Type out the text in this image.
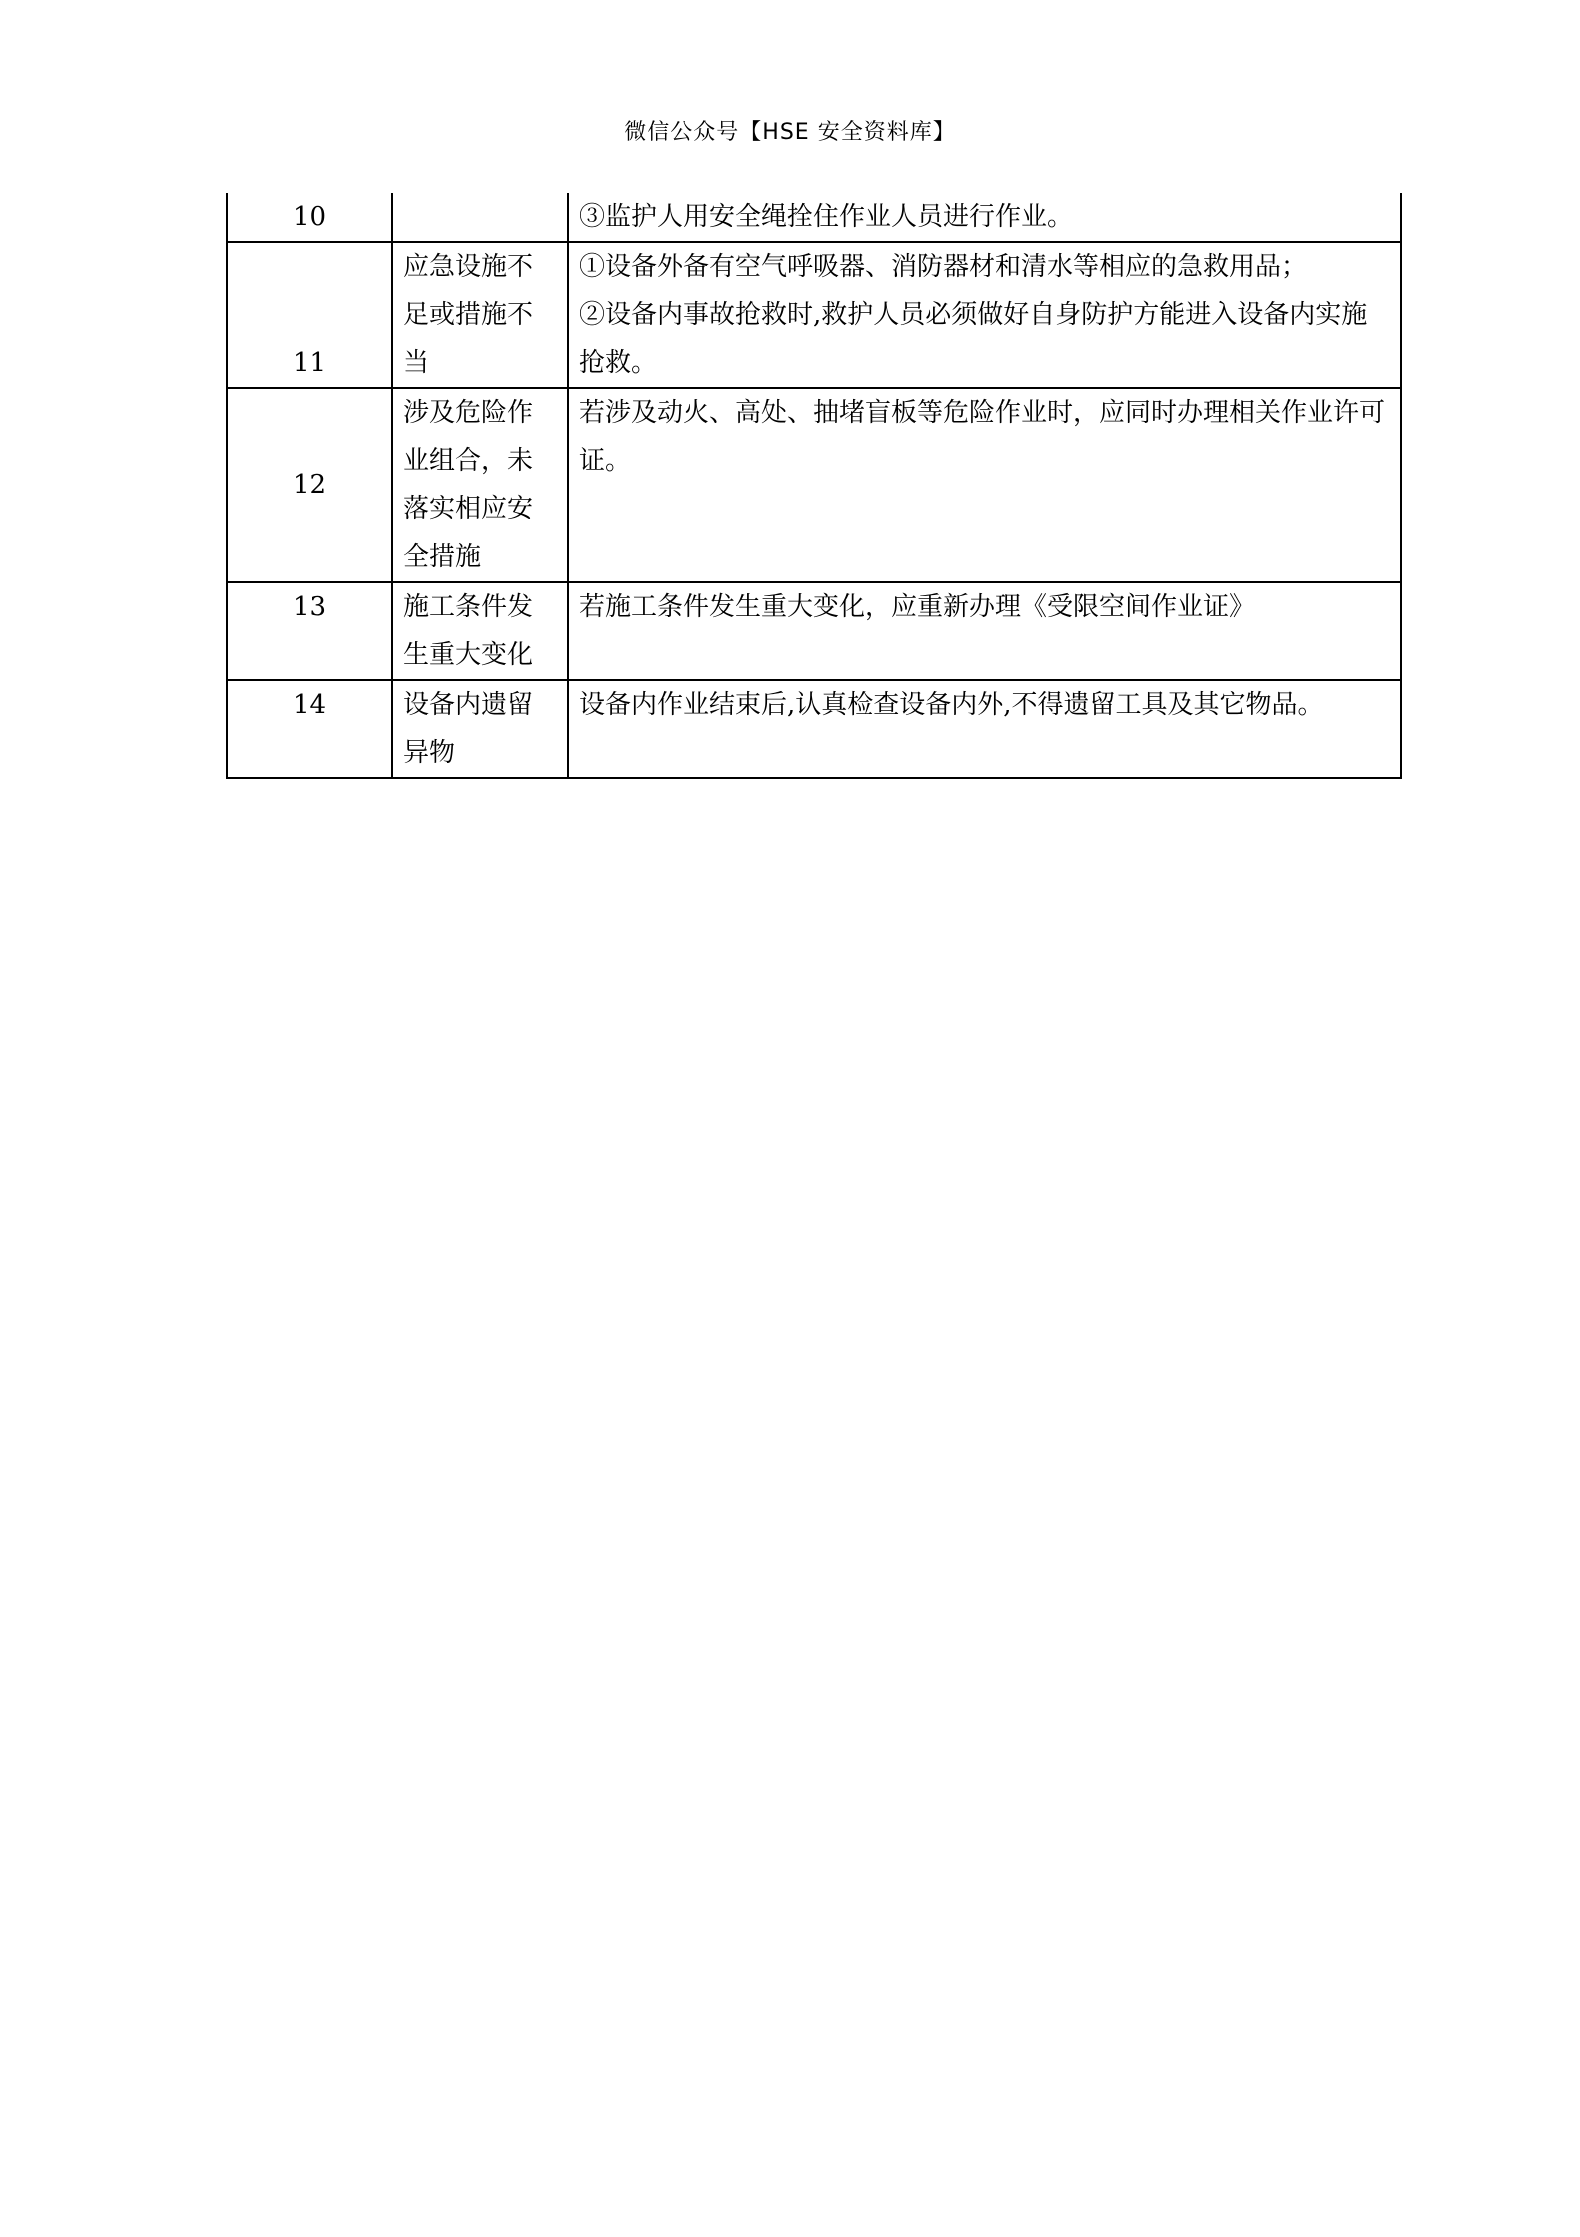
微信公众号【HSE 安全资料库】
10		③监护人用安全绳拴住作业人员进行作业。
11	应急设施不足或措施不当	①设备外备有空气呼吸器、消防器材和清水等相应的急救用品；
②设备内事故抢救时,救护人员必须做好自身防护方能进入设备内实施抢救。
12	涉及危险作业组合，未落实相应安全措施	若涉及动火、高处、抽堵盲板等危险作业时，应同时办理相关作业许可证。
13	施工条件发生重大变化	若施工条件发生重大变化，应重新办理《受限空间作业证》
14	设备内遗留异物	设备内作业结束后,认真检查设备内外,不得遗留工具及其它物品。
